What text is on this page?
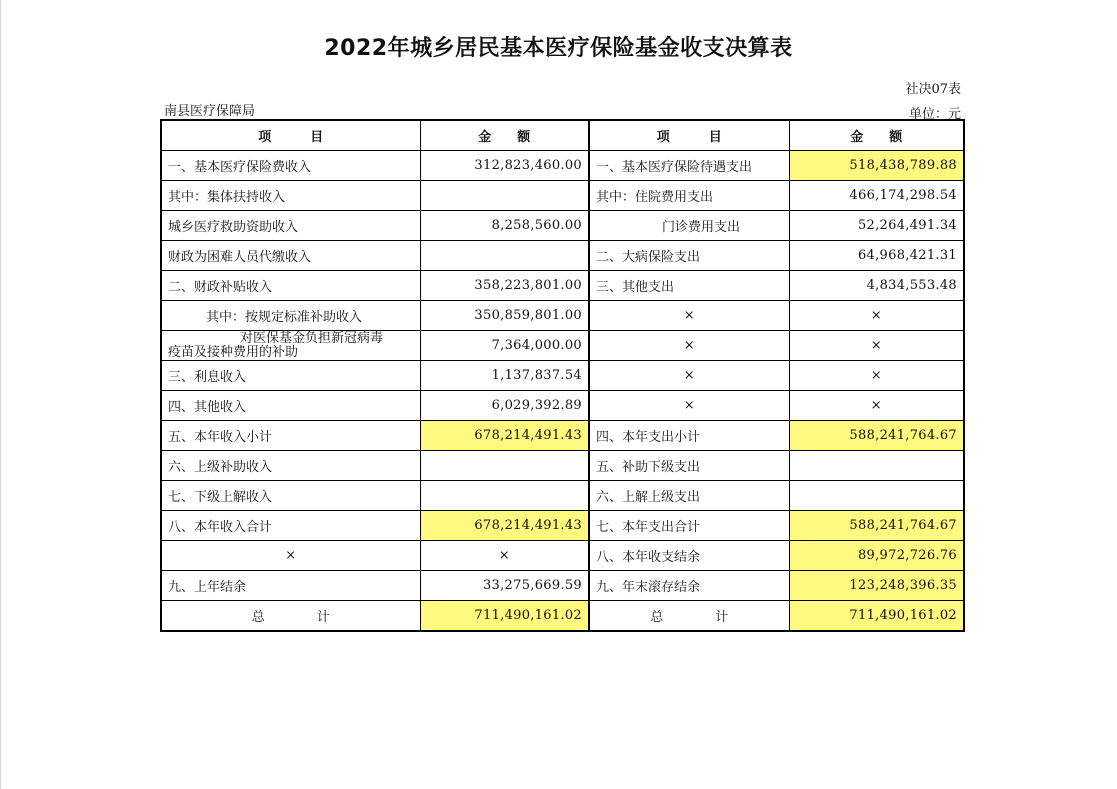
2022年城乡居民基本医疗保险基金收支决算表
社决07表
南县医疗保障局	单位：元
项　　　目	金　　额	项　　　目	金　　额
一、基本医疗保险费收入	312,823,460.00	一、基本医疗保险待遇支出	518,438,789.88
其中：集体扶持收入		其中：住院费用支出	466,174,298.54
城乡医疗救助资助收入	8,258,560.00	门诊费用支出	52,264,491.34
财政为困难人员代缴收入		二、大病保险支出	64,968,421.31
二、财政补贴收入	358,223,801.00	三、其他支出	4,834,553.48
其中：按规定标准补助收入	350,859,801.00	×	×

对医保基金负担新冠病毒
疫苗及接种费用的补助	7,364,000.00	×	×
三、利息收入	1,137,837.54	×	×
四、其他收入	6,029,392.89	×	×
五、本年收入小计	678,214,491.43	四、本年支出小计	588,241,764.67
六、上级补助收入		五、补助下级支出	
七、下级上解收入		六、上解上级支出	
八、本年收入合计	678,214,491.43	七、本年支出合计	588,241,764.67
×	×	八、本年收支结余	89,972,726.76
九、上年结余	33,275,669.59	九、年末滚存结余	123,248,396.35
总　　　　计	711,490,161.02	总　　　　计	711,490,161.02
